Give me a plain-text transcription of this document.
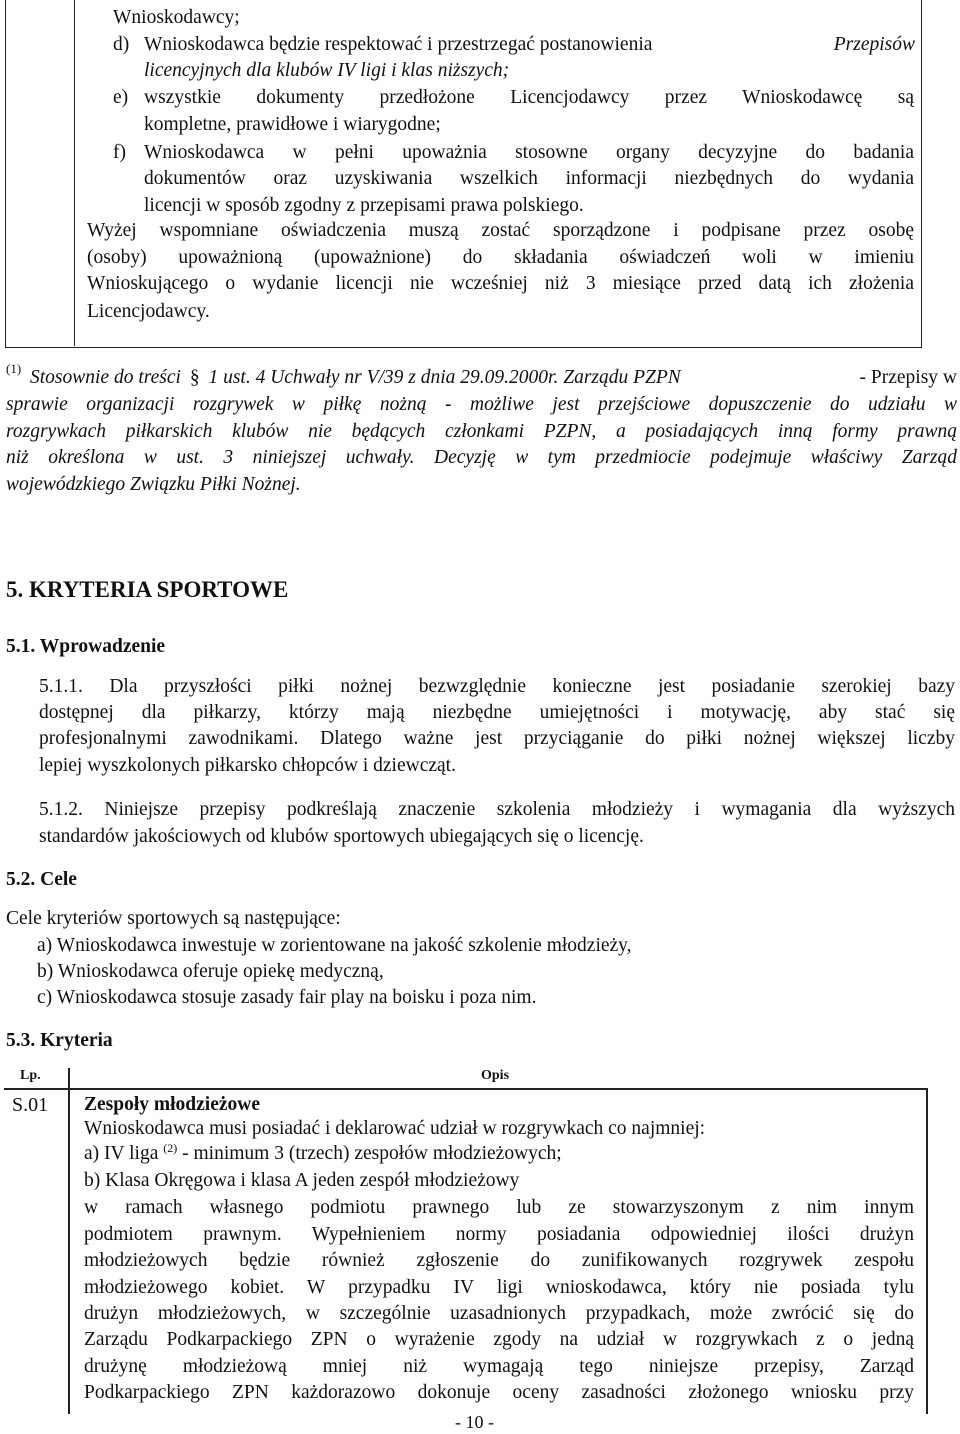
Wnioskodawcy;
d) Wnioskodawca będzie respektować i przestrzegać postanowienia	Przepisów
licencyjnych dla klubów IV ligi i klas niższych;
e) wszystkie dokumenty przedłożone Licencjodawcy przez Wnioskodawcę są
kompletne, prawidłowe i wiarygodne;
f) Wnioskodawca w pełni upoważnia stosowne organy decyzyjne do badania
dokumentów oraz uzyskiwania wszelkich informacji niezbędnych do wydania
licencji w sposób zgodny z przepisami prawa polskiego.
Wyżej wspomniane oświadczenia muszą zostać sporządzone i podpisane przez osobę
(osoby) upoważnioną (upoważnione) do składania oświadczeń woli w imieniu
Wnioskującego o wydanie licencji nie wcześniej niż 3 miesiące przed datą ich złożenia
Licencjodawcy.
(1) Stosownie do treści § 1 ust. 4 Uchwały nr V/39 z dnia 29.09.2000r. Zarządu PZPN	- Przepisy w
sprawie organizacji rozgrywek w piłkę nożną - możliwe jest przejściowe dopuszczenie do udziału w
rozgrywkach piłkarskich klubów nie będących członkami PZPN, a posiadających inną formy prawną
niż określona w ust. 3 niniejszej uchwały. Decyzję w tym przedmiocie podejmuje właściwy Zarząd
wojewódzkiego Związku Piłki Nożnej.
5. KRYTERIA SPORTOWE
5.1. Wprowadzenie
5.1.1. Dla przyszłości piłki nożnej bezwzględnie konieczne jest posiadanie szerokiej bazy
dostępnej dla piłkarzy, którzy mają niezbędne umiejętności i motywację, aby stać się
profesjonalnymi zawodnikami. Dlatego ważne jest przyciąganie do piłki nożnej większej liczby
lepiej wyszkolonych piłkarsko chłopców i dziewcząt.
5.1.2. Niniejsze przepisy podkreślają znaczenie szkolenia młodzieży i wymagania dla wyższych
standardów jakościowych od klubów sportowych ubiegających się o licencję.
5.2. Cele
Cele kryteriów sportowych są następujące:
a) Wnioskodawca inwestuje w zorientowane na jakość szkolenie młodzieży,
b) Wnioskodawca oferuje opiekę medyczną,
c) Wnioskodawca stosuje zasady fair play na boisku i poza nim.
5.3. Kryteria
Lp.	Opis
S.01 Zespoły młodzieżowe
Wnioskodawca musi posiadać i deklarować udział w rozgrywkach co najmniej:
a) IV liga $^{(2)}$ - minimum 3 (trzech) zespołów młodzieżowych;
b) Klasa Okręgowa i klasa A jeden zespół młodzieżowy
w ramach własnego podmiotu prawnego lub ze stowarzyszonym z nim innym
podmiotem prawnym. Wypełnieniem normy posiadania odpowiedniej ilości drużyn
młodzieżowych będzie również zgłoszenie do zunifikowanych rozgrywek zespołu
młodzieżowego kobiet. W przypadku IV ligi wnioskodawca, który nie posiada tylu
drużyn młodzieżowych, w szczególnie uzasadnionych przypadkach, może zwrócić się do
Zarządu Podkarpackiego ZPN o wyrażenie zgody na udział w rozgrywkach z o jedną
drużynę młodzieżową mniej niż wymagają tego niniejsze przepisy, Zarząd
Podkarpackiego ZPN każdorazowo dokonuje oceny zasadności złożonego wniosku przy
- 10 -
